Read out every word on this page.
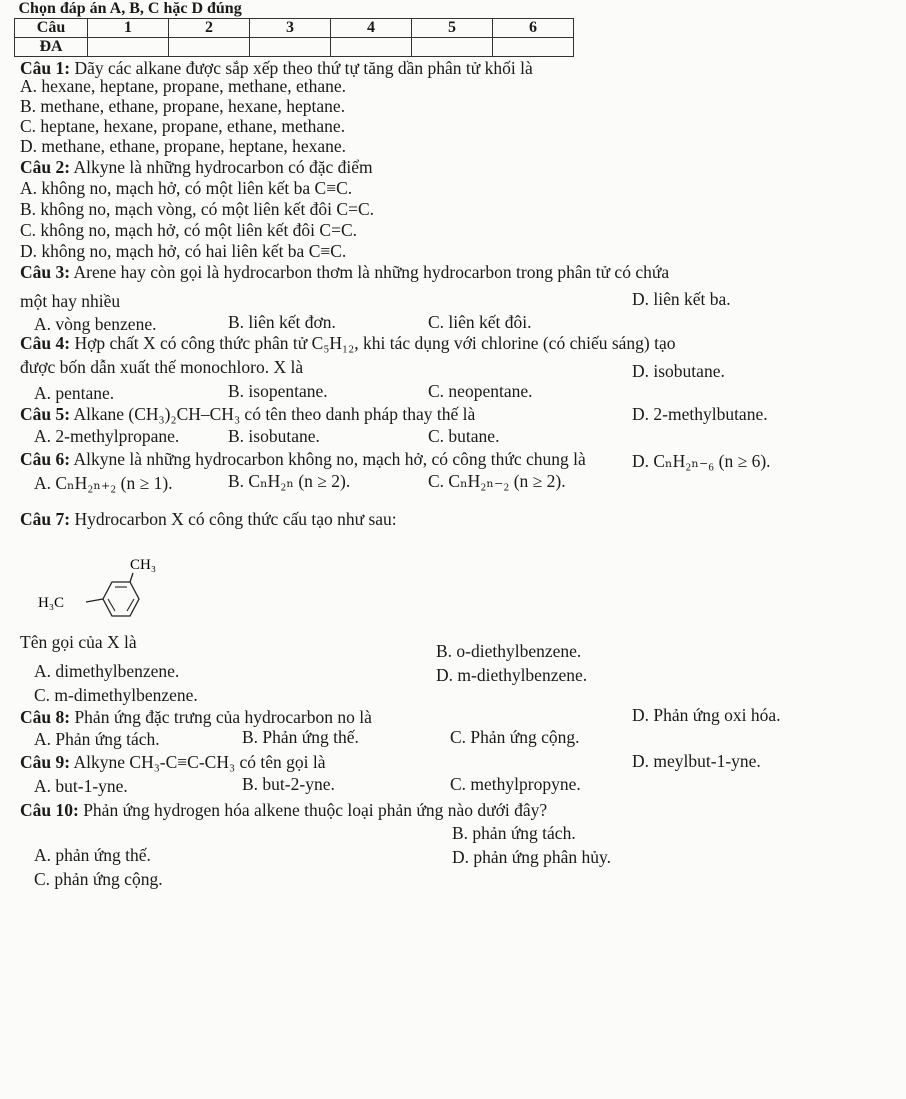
Chọn đáp án A, B, C hặc D đúng						
Câu	1	2	3	4	5	6
ĐA						
Câu 1: Dãy các alkane được sắp xếp theo thứ tự tăng dần phân tử khối là
A. hexane, heptane, propane, methane, ethane.
B. methane, ethane, propane, hexane, heptane.
C. heptane, hexane, propane, ethane, methane.
D. methane, ethane, propane, heptane, hexane.
Câu 2: Alkyne là những hydrocarbon có đặc điểm
A. không no, mạch hở, có một liên kết ba C≡C.
B. không no, mạch vòng, có một liên kết đôi C=C.
C. không no, mạch hở, có một liên kết đôi C=C.
D. không no, mạch hở, có hai liên kết ba C≡C.
Câu 3: Arene hay còn gọi là hydrocarbon thơm là những hydrocarbon trong phân tử có chứa
một hay nhiều	D. liên kết ba.
A. vòng benzene.	B. liên kết đơn.	C. liên kết đôi.
Câu 4: Hợp chất X có công thức phân tử C₅H₁₂, khi tác dụng với chlorine (có chiếu sáng) tạo
được bốn dẫn xuất thế monochloro. X là	D. isobutane.
A. pentane.	B. isopentane.	C. neopentane.
Câu 5: Alkane (CH₃)₂CH–CH₃ có tên theo danh pháp thay thế là	D. 2-methylbutane.
A. 2-methylpropane.	B. isobutane.	C. butane.
Câu 6: Alkyne là những hydrocarbon không no, mạch hở, có công thức chung là	D. CₙH₂ₙ₋₆ (n ≥ 6).
A. CₙH₂ₙ₊₂ (n ≥ 1).	B. CₙH₂ₙ (n ≥ 2).	C. CₙH₂ₙ₋₂ (n ≥ 2).
Câu 7: Hydrocarbon X có công thức cấu tạo như sau:
CH₃
H₃C
Tên gọi của X là	B. o-diethylbenzene.
A. dimethylbenzene.	D. m-diethylbenzene.
C. m-dimethylbenzene.
Câu 8: Phản ứng đặc trưng của hydrocarbon no là	D. Phản ứng oxi hóa.
A. Phản ứng tách.	B. Phản ứng thế.	C. Phản ứng cộng.
Câu 9: Alkyne CH₃-C≡C-CH₃ có tên gọi là	D. meylbut-1-yne.
A. but-1-yne.	B. but-2-yne.	C. methylpropyne.
Câu 10: Phản ứng hydrogen hóa alkene thuộc loại phản ứng nào dưới đây?
B. phản ứng tách.
A. phản ứng thế.	D. phản ứng phân hủy.
C. phản ứng cộng.
